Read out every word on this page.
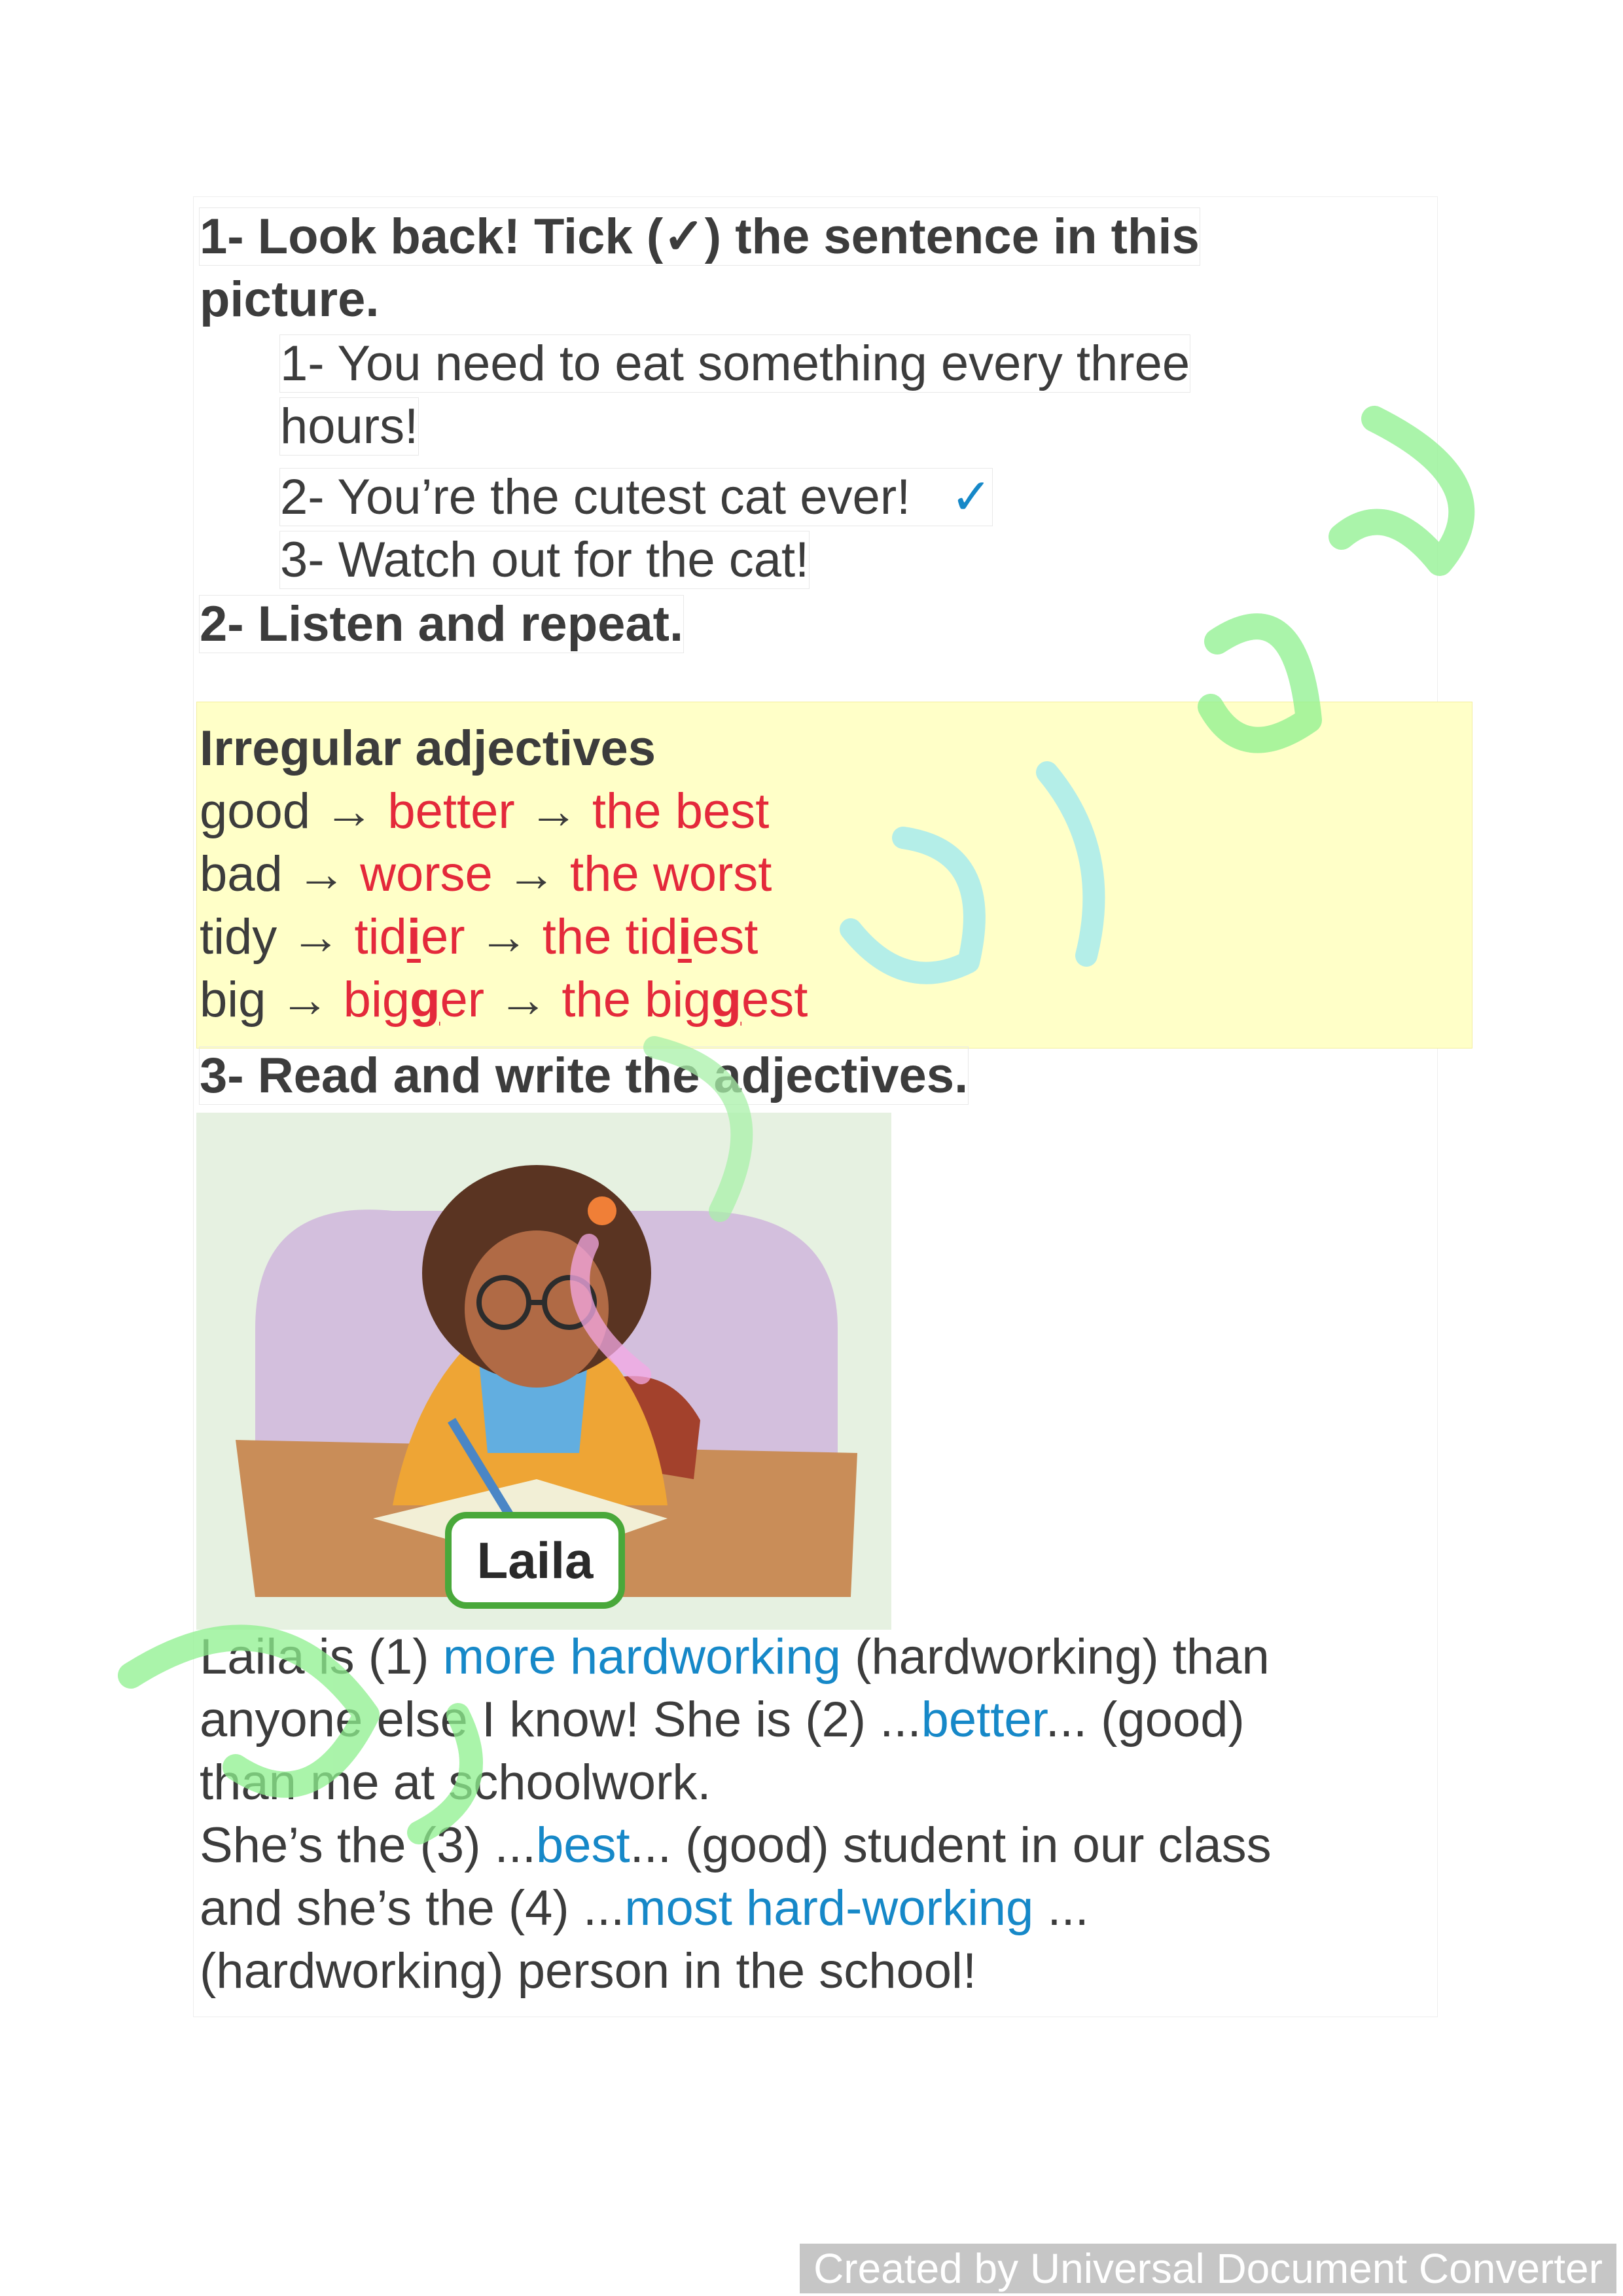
1- Look back! Tick (✓) the sentence in this
picture.
1- You need to eat something every three
hours!
2- You’re the cutest cat ever! ✓
3- Watch out for the cat!
2- Listen and repeat.
Irregular adjectives
good → better → the best
bad → worse → the worst
tidy → tidier → the tidiest
big → bigger → the biggest
3- Read and write the adjectives.
Laila
Laila is (1) more hardworking (hardworking) than
anyone else I know! She is (2) ...better... (good)
than me at schoolwork.
She’s the (3) ...best... (good) student in our class
and she’s the (4) ...most hard-working ...
(hardworking) person in the school!
Created by Universal Document Converter
